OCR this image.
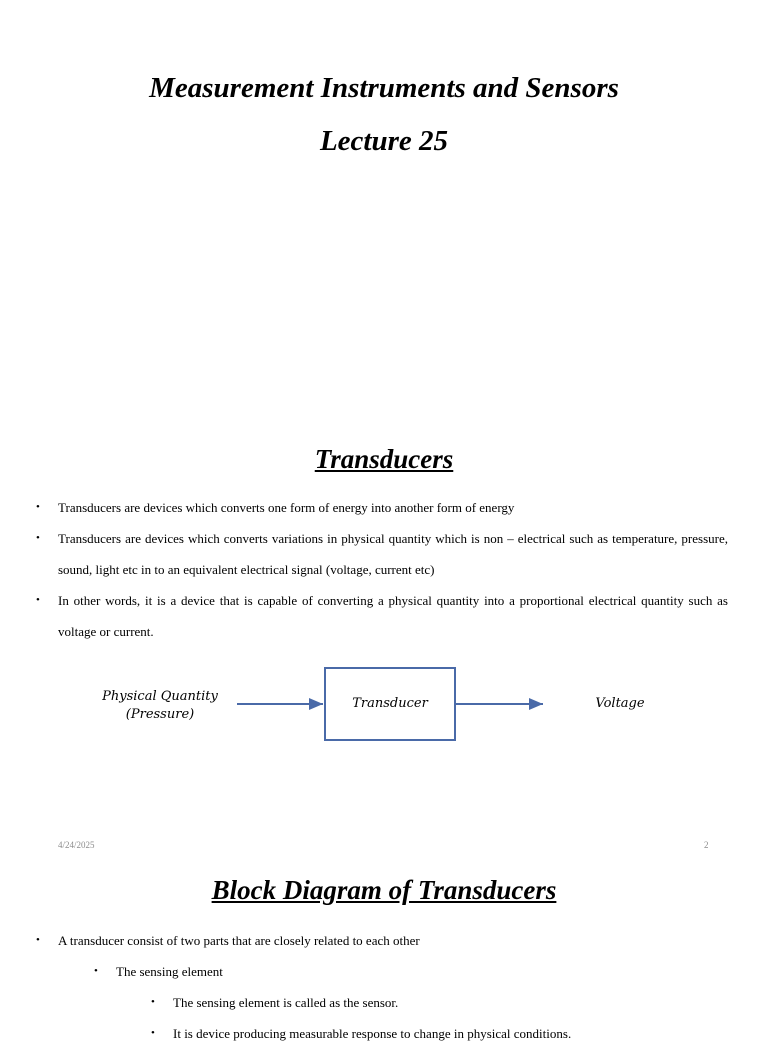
Measurement Instruments and Sensors
Lecture 25
Transducers
• Transducers are devices which converts one form of energy into another form of energy
• Transducers are devices which converts variations in physical quantity which is non – electrical such as temperature, pressure, sound, light etc in to an equivalent electrical signal (voltage, current etc)
• In other words, it is a device that is capable of converting a physical quantity into a proportional electrical quantity such as voltage or current.
Physical Quantity
(Pressure)
Transducer	Voltage
4/24/2025	2
Block Diagram of Transducers
• A transducer consist of two parts that are closely related to each other
• The sensing element
• The sensing element is called as the sensor.
• It is device producing measurable response to change in physical conditions.
